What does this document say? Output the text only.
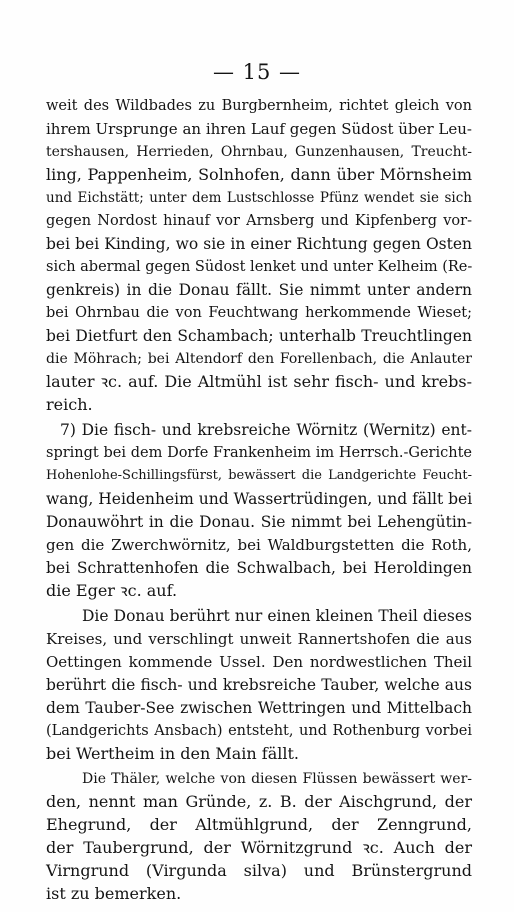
— 15 —
weit des Wildbades zu Burgbernheim, richtet gleich von
ihrem Ursprunge an ihren Lauf gegen Südost über Leu-
tershausen, Herrieden, Ohrnbau, Gunzenhausen, Treucht-
ling, Pappenheim, Solnhofen, dann über Mörnsheim
und Eichstätt; unter dem Lustschlosse Pfünz wendet sie sich
gegen Nordost hinauf vor Arnsberg und Kipfenberg vor-
bei bei Kinding, wo sie in einer Richtung gegen Osten
sich abermal gegen Südost lenket und unter Kelheim (Re-
genkreis) in die Donau fällt. Sie nimmt unter andern
bei Ohrnbau die von Feuchtwang herkommende Wieset;
bei Dietfurt den Schambach; unterhalb Treuchtlingen
die Möhrach; bei Altendorf den Forellenbach, die Anlauter
lauter ꝛc. auf. Die Altmühl ist sehr fisch- und krebs-
reich.
7) Die fisch- und krebsreiche Wörnitz (Wernitz) ent-
springt bei dem Dorfe Frankenheim im Herrsch.-Gerichte
Hohenlohe-Schillingsfürst, bewässert die Landgerichte Feucht-
wang, Heidenheim und Wassertrüdingen, und fällt bei
Donauwöhrt in die Donau. Sie nimmt bei Lehengütin-
gen die Zwerchwörnitz, bei Waldburgstetten die Roth,
bei Schrattenhofen die Schwalbach, bei Heroldingen
die Eger ꝛc. auf.
Die Donau berührt nur einen kleinen Theil dieses
Kreises, und verschlingt unweit Rannertshofen die aus
Oettingen kommende Ussel. Den nordwestlichen Theil
berührt die fisch- und krebsreiche Tauber, welche aus
dem Tauber-See zwischen Wettringen und Mittelbach
(Landgerichts Ansbach) entsteht, und Rothenburg vorbei
bei Wertheim in den Main fällt.
Die Thäler, welche von diesen Flüssen bewässert wer-
den, nennt man Gründe, z. B. der Aischgrund, der
Ehegrund, der Altmühlgrund, der Zenngrund,
der Taubergrund, der Wörnitzgrund ꝛc. Auch der
Virngrund (Virgunda silva) und Brünstergrund
ist zu bemerken.
